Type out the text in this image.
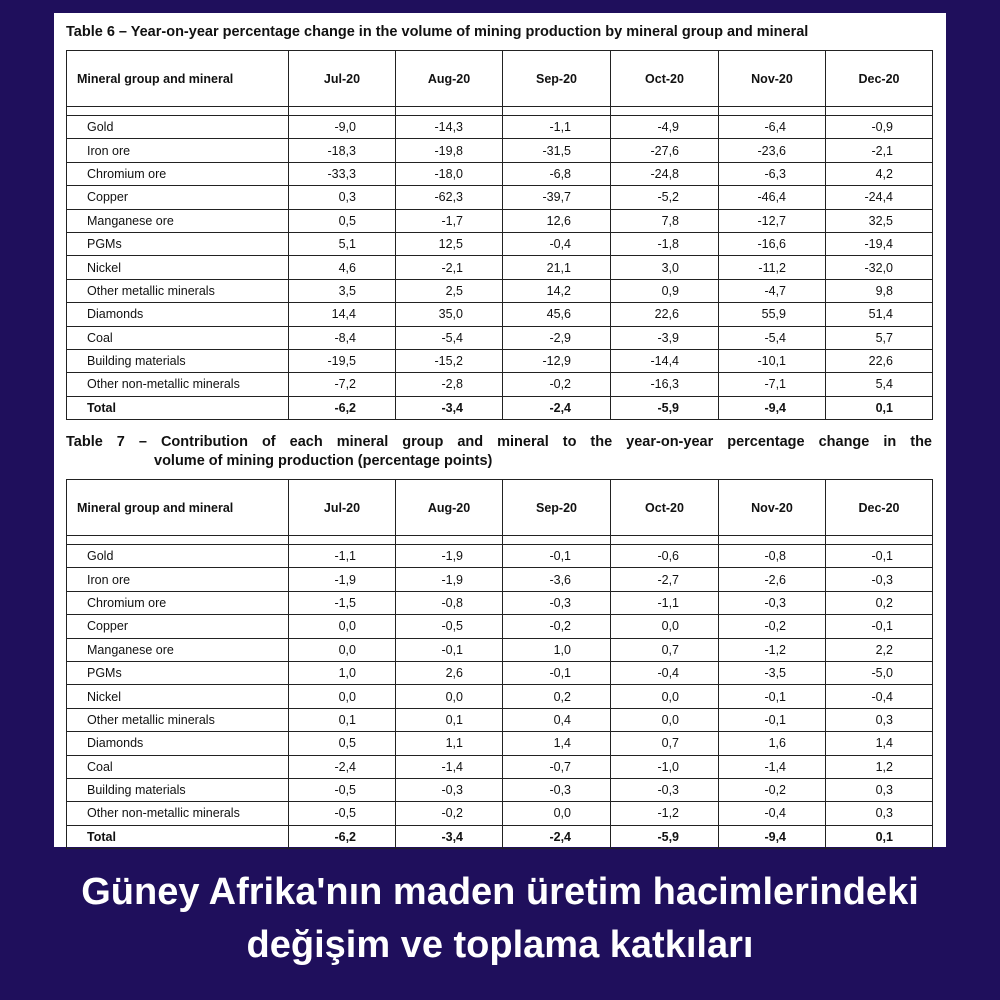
Table 6 – Year-on-year percentage change in the volume of mining production by mineral group and mineral
Mineral group and mineral	Jul-20	Aug-20	Sep-20	Oct-20	Nov-20	Dec-20

Gold	-9,0	-14,3	-1,1	-4,9	-6,4	-0,9
Iron ore	-18,3	-19,8	-31,5	-27,6	-23,6	-2,1
Chromium ore	-33,3	-18,0	-6,8	-24,8	-6,3	4,2
Copper	0,3	-62,3	-39,7	-5,2	-46,4	-24,4
Manganese ore	0,5	-1,7	12,6	7,8	-12,7	32,5
PGMs	5,1	12,5	-0,4	-1,8	-16,6	-19,4
Nickel	4,6	-2,1	21,1	3,0	-11,2	-32,0
Other metallic minerals	3,5	2,5	14,2	0,9	-4,7	9,8
Diamonds	14,4	35,0	45,6	22,6	55,9	51,4
Coal	-8,4	-5,4	-2,9	-3,9	-5,4	5,7
Building materials	-19,5	-15,2	-12,9	-14,4	-10,1	22,6
Other non-metallic minerals	-7,2	-2,8	-0,2	-16,3	-7,1	5,4
Total	-6,2	-3,4	-2,4	-5,9	-9,4	0,1
Table 7 – Contribution of each mineral group and mineral to the year-on-year percentage change in the
volume of mining production (percentage points)
Mineral group and mineral	Jul-20	Aug-20	Sep-20	Oct-20	Nov-20	Dec-20

Gold	-1,1	-1,9	-0,1	-0,6	-0,8	-0,1
Iron ore	-1,9	-1,9	-3,6	-2,7	-2,6	-0,3
Chromium ore	-1,5	-0,8	-0,3	-1,1	-0,3	0,2
Copper	0,0	-0,5	-0,2	0,0	-0,2	-0,1
Manganese ore	0,0	-0,1	1,0	0,7	-1,2	2,2
PGMs	1,0	2,6	-0,1	-0,4	-3,5	-5,0
Nickel	0,0	0,0	0,2	0,0	-0,1	-0,4
Other metallic minerals	0,1	0,1	0,4	0,0	-0,1	0,3
Diamonds	0,5	1,1	1,4	0,7	1,6	1,4
Coal	-2,4	-1,4	-0,7	-1,0	-1,4	1,2
Building materials	-0,5	-0,3	-0,3	-0,3	-0,2	0,3
Other non-metallic minerals	-0,5	-0,2	0,0	-1,2	-0,4	0,3
Total	-6,2	-3,4	-2,4	-5,9	-9,4	0,1
Güney Afrika'nın maden üretim hacimlerindeki
değişim ve toplama katkıları
